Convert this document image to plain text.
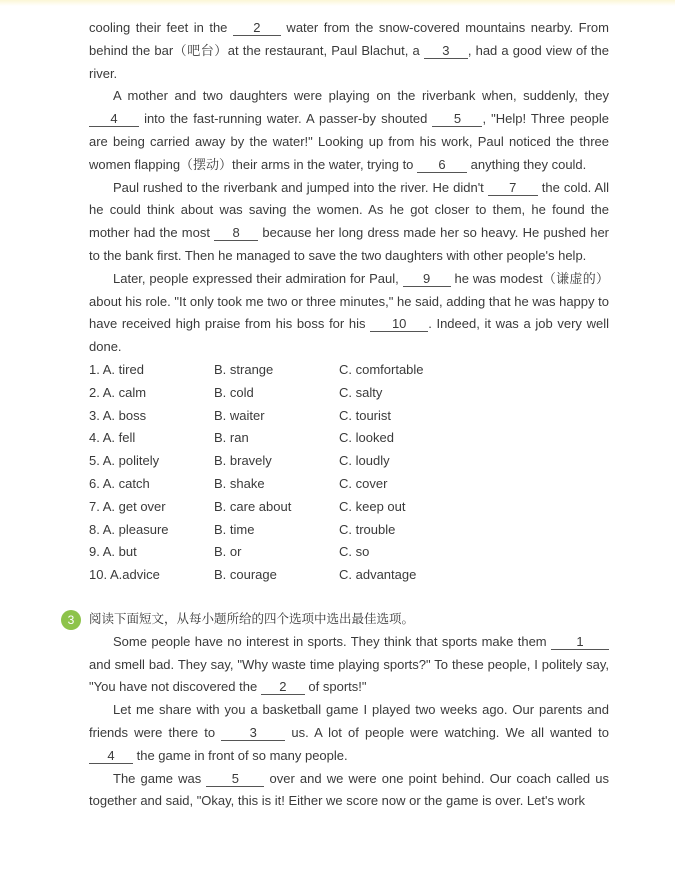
cooling their feet in the 2 water from the snow-covered mountains nearby. From behind the bar（吧台）at the restaurant, Paul Blachut, a 3 , had a good view of the river.

A mother and two daughters were playing on the riverbank when, suddenly, they 4 into the fast-running water. A passer-by shouted 5 , "Help! Three people are being carried away by the water!" Looking up from his work, Paul noticed the three women flapping（摆动）their arms in the water, trying to 6 anything they could.

Paul rushed to the riverbank and jumped into the river. He didn't 7 the cold. All he could think about was saving the women. As he got closer to them, he found the mother had the most 8 because her long dress made her so heavy. He pushed her to the bank first. Then he managed to save the two daughters with other people's help.

Later, people expressed their admiration for Paul, 9 he was modest（谦虚的）about his role. "It only took me two or three minutes," he said, adding that he was happy to have received high praise from his boss for his 10 . Indeed, it was a job very well done.

1. A. tired	B. strange	C. comfortable
2. A. calm	B. cold	C. salty
3. A. boss	B. waiter	C. tourist
4. A. fell	B. ran	C. looked
5. A. politely	B. bravely	C. loudly
6. A. catch	B. shake	C. cover
7. A. get over	B. care about	C. keep out
8. A. pleasure	B. time	C. trouble
9. A. but	B. or	C. so
10. A.advice	B. courage	C. advantage
3	阅读下面短文，从每小题所给的四个选项中选出最佳选项。

Some people have no interest in sports. They think that sports make them 1 and smell bad. They say, "Why waste time playing sports?" To these people, I politely say, "You have not discovered the 2 of sports!"

Let me share with you a basketball game I played two weeks ago. Our parents and friends were there to 3 us. A lot of people were watching. We all wanted to 4 the game in front of so many people.

The game was 5 over and we were one point behind. Our coach called us together and said, "Okay, this is it! Either we score now or the game is over. Let's work
